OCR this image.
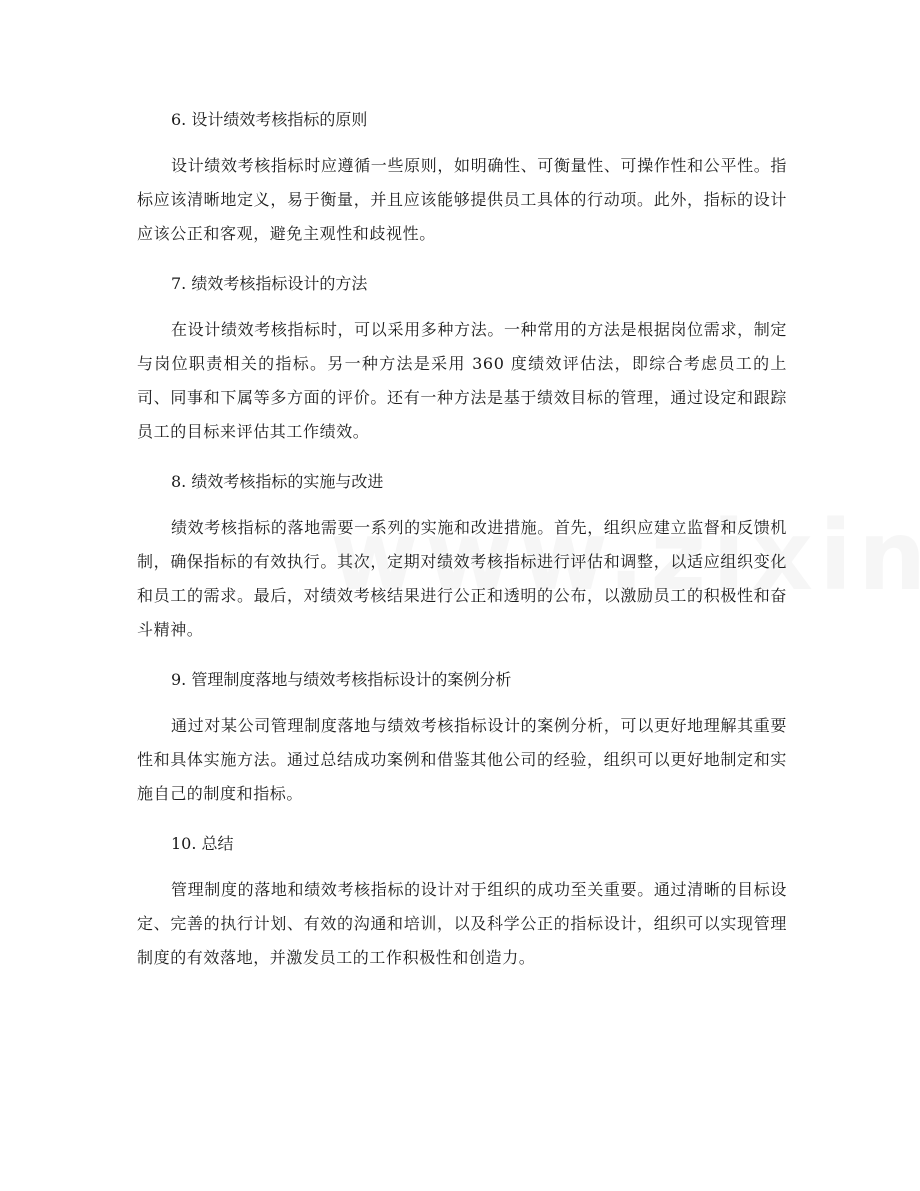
6. 设计绩效考核指标的原则

设计绩效考核指标时应遵循一些原则，如明确性、可衡量性、可操作性和公平性。指标应该清晰地定义，易于衡量，并且应该能够提供员工具体的行动项。此外，指标的设计应该公正和客观，避免主观性和歧视性。

7. 绩效考核指标设计的方法

在设计绩效考核指标时，可以采用多种方法。一种常用的方法是根据岗位需求，制定与岗位职责相关的指标。另一种方法是采用 360 度绩效评估法，即综合考虑员工的上司、同事和下属等多方面的评价。还有一种方法是基于绩效目标的管理，通过设定和跟踪员工的目标来评估其工作绩效。

8. 绩效考核指标的实施与改进

绩效考核指标的落地需要一系列的实施和改进措施。首先，组织应建立监督和反馈机制，确保指标的有效执行。其次，定期对绩效考核指标进行评估和调整，以适应组织变化和员工的需求。最后，对绩效考核结果进行公正和透明的公布，以激励员工的积极性和奋斗精神。

9. 管理制度落地与绩效考核指标设计的案例分析

通过对某公司管理制度落地与绩效考核指标设计的案例分析，可以更好地理解其重要性和具体实施方法。通过总结成功案例和借鉴其他公司的经验，组织可以更好地制定和实施自己的制度和指标。

10. 总结

管理制度的落地和绩效考核指标的设计对于组织的成功至关重要。通过清晰的目标设定、完善的执行计划、有效的沟通和培训，以及科学公正的指标设计，组织可以实现管理制度的有效落地，并激发员工的工作积极性和创造力。
